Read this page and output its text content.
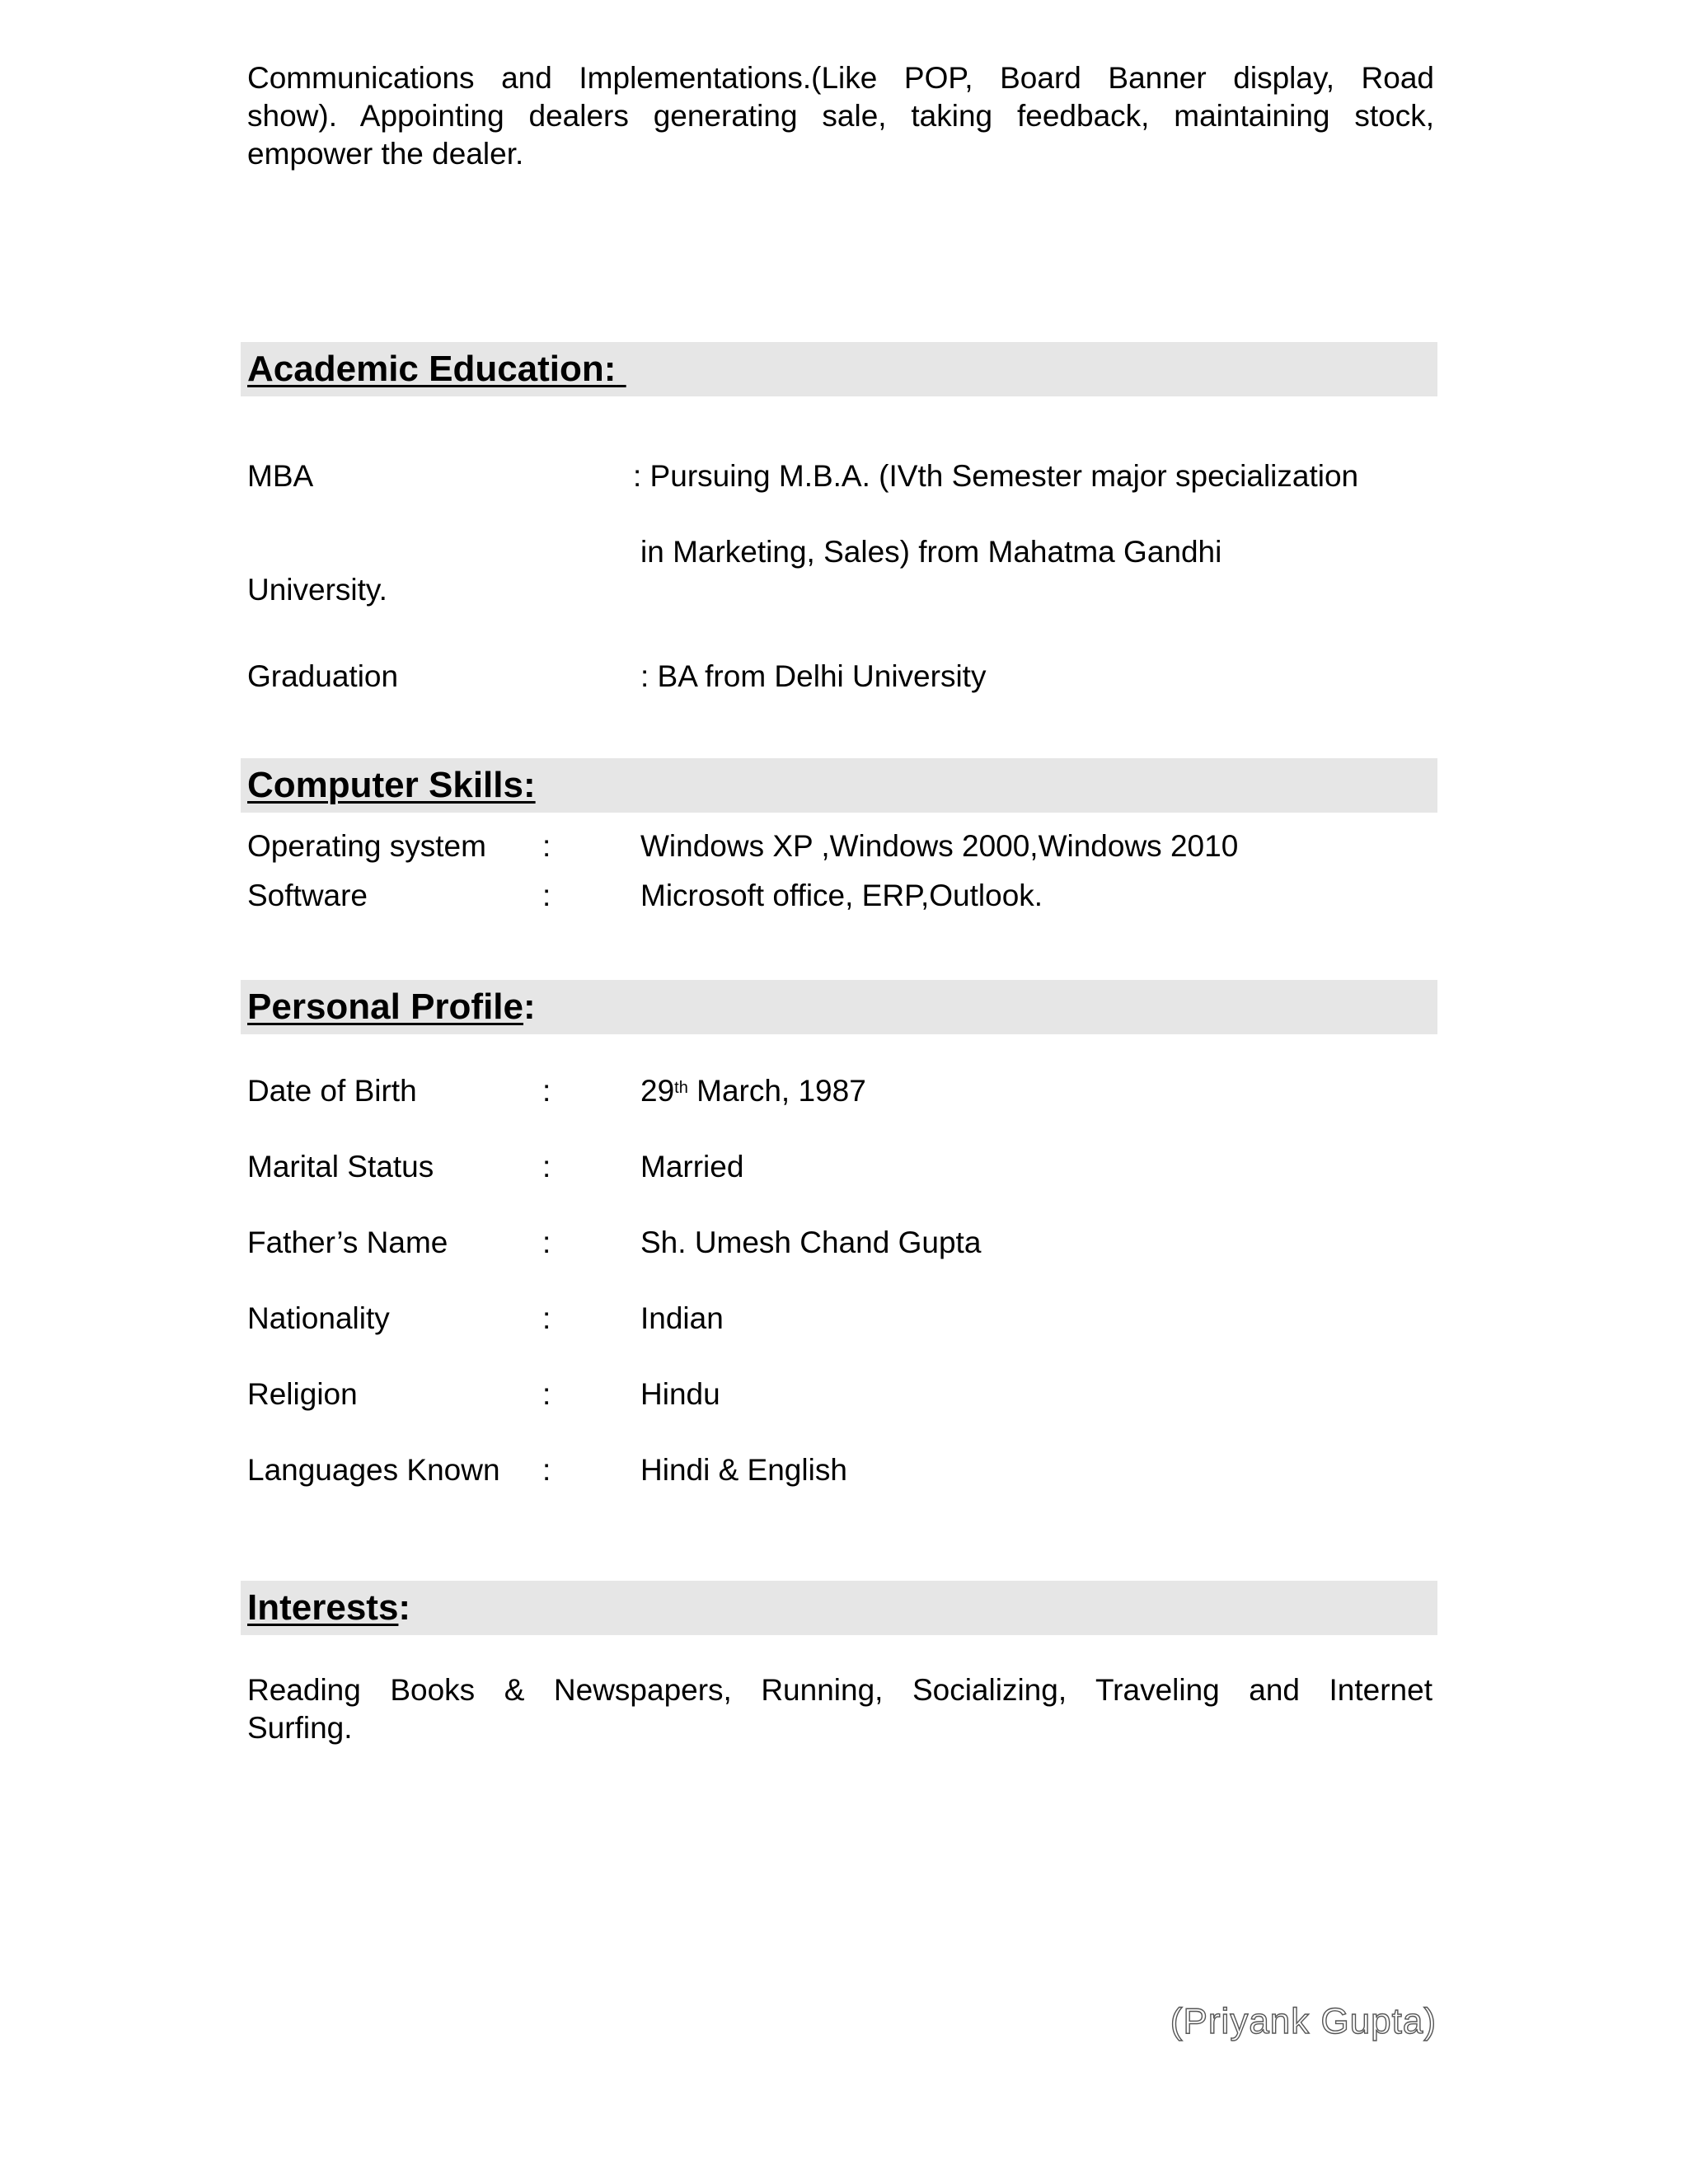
Communications and Implementations.(Like POP, Board Banner display, Road
show). Appointing dealers generating sale, taking feedback, maintaining stock,
empower the dealer.
Academic Education:
MBA	: Pursuing M.B.A. (IVth Semester major specialization
in Marketing, Sales) from Mahatma Gandhi
University.
Graduation	: BA from Delhi University
Computer Skills:
Operating system :	Windows XP ,Windows 2000,Windows 2010
Software	:	Microsoft office, ERP,Outlook.
Personal Profile:
Date of Birth	:	29th March, 1987
Marital Status	:	Married
Father’s Name	:	Sh. Umesh Chand Gupta
Nationality	:	Indian
Religion	:	Hindu
Languages Known :	Hindi & English
Interests:
Reading Books & Newspapers, Running, Socializing, Traveling and Internet
Surfing.
(Priyank Gupta)
